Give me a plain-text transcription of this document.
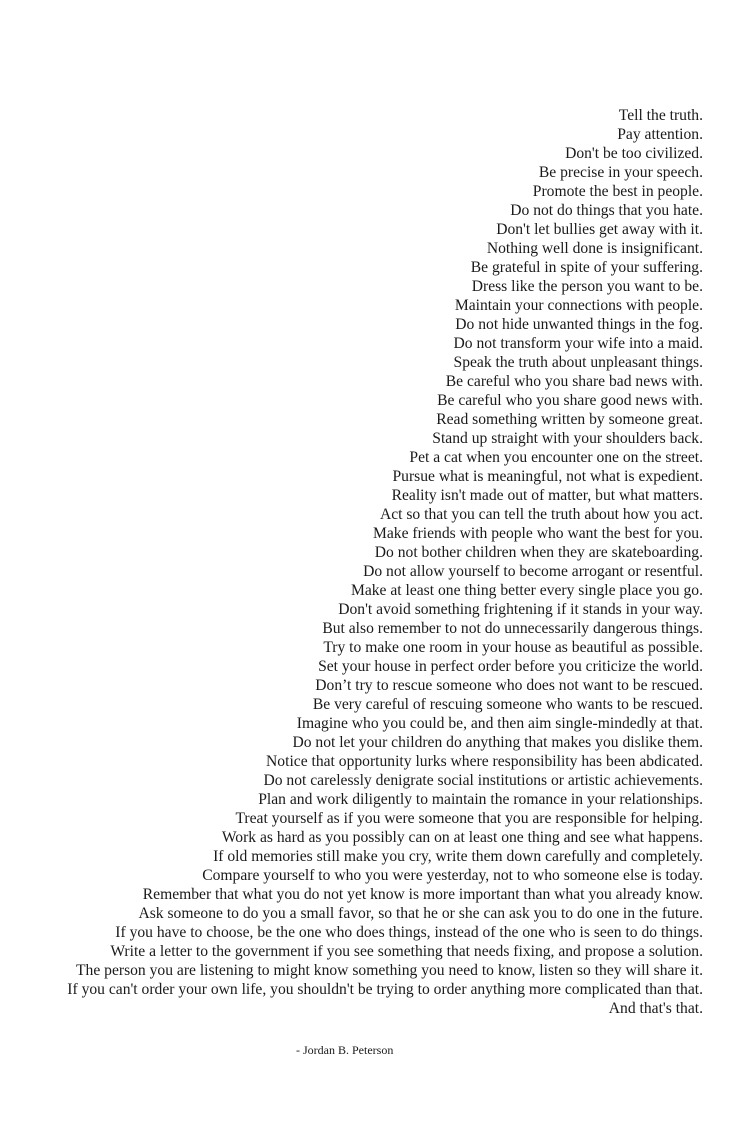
Tell the truth.
Pay attention.
Don't be too civilized.
Be precise in your speech.
Promote the best in people.
Do not do things that you hate.
Don't let bullies get away with it.
Nothing well done is insignificant.
Be grateful in spite of your suffering.
Dress like the person you want to be.
Maintain your connections with people.
Do not hide unwanted things in the fog.
Do not transform your wife into a maid.
Speak the truth about unpleasant things.
Be careful who you share bad news with.
Be careful who you share good news with.
Read something written by someone great.
Stand up straight with your shoulders back.
Pet a cat when you encounter one on the street.
Pursue what is meaningful, not what is expedient.
Reality isn't made out of matter, but what matters.
Act so that you can tell the truth about how you act.
Make friends with people who want the best for you.
Do not bother children when they are skateboarding.
Do not allow yourself to become arrogant or resentful.
Make at least one thing better every single place you go.
Don't avoid something frightening if it stands in your way.
But also remember to not do unnecessarily dangerous things.
Try to make one room in your house as beautiful as possible.
Set your house in perfect order before you criticize the world.
Don’t try to rescue someone who does not want to be rescued.
Be very careful of rescuing someone who wants to be rescued.
Imagine who you could be, and then aim single-mindedly at that.
Do not let your children do anything that makes you dislike them.
Notice that opportunity lurks where responsibility has been abdicated.
Do not carelessly denigrate social institutions or artistic achievements.
Plan and work diligently to maintain the romance in your relationships.
Treat yourself as if you were someone that you are responsible for helping.
Work as hard as you possibly can on at least one thing and see what happens.
If old memories still make you cry, write them down carefully and completely.
Compare yourself to who you were yesterday, not to who someone else is today.
Remember that what you do not yet know is more important than what you already know.
Ask someone to do you a small favor, so that he or she can ask you to do one in the future.
If you have to choose, be the one who does things, instead of the one who is seen to do things.
Write a letter to the government if you see something that needs fixing, and propose a solution.
The person you are listening to might know something you need to know, listen so they will share it.
If you can't order your own life, you shouldn't be trying to order anything more complicated than that.
And that's that.
- Jordan B. Peterson
